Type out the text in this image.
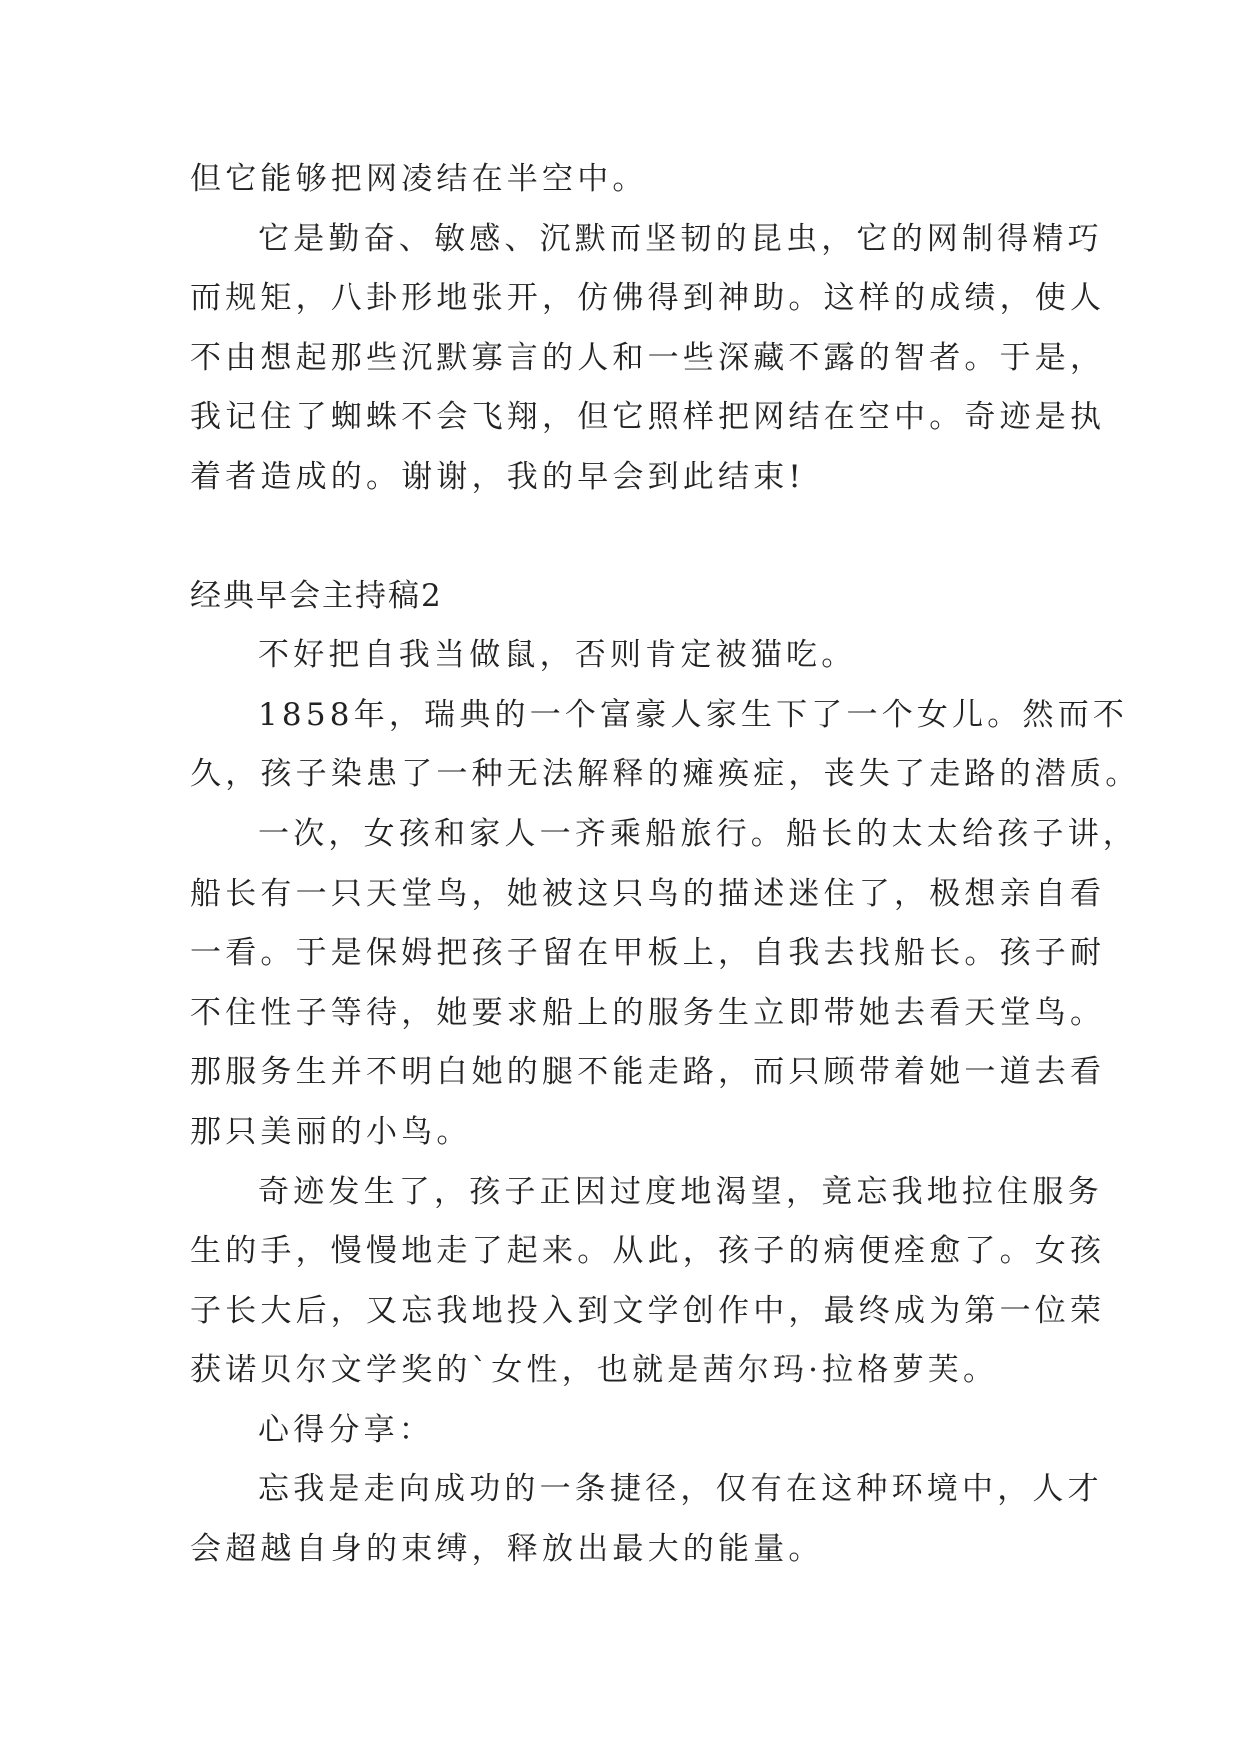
但它能够把网凌结在半空中。
它是勤奋、敏感、沉默而坚韧的昆虫，它的网制得精巧
而规矩，八卦形地张开，仿佛得到神助。这样的成绩，使人
不由想起那些沉默寡言的人和一些深藏不露的智者。于是，
我记住了蜘蛛不会飞翔，但它照样把网结在空中。奇迹是执
着者造成的。谢谢，我的早会到此结束!
经典早会主持稿2
不好把自我当做鼠，否则肯定被猫吃。
1858年，瑞典的一个富豪人家生下了一个女儿。然而不
久，孩子染患了一种无法解释的瘫痪症，丧失了走路的潜质。
一次，女孩和家人一齐乘船旅行。船长的太太给孩子讲，
船长有一只天堂鸟，她被这只鸟的描述迷住了，极想亲自看
一看。于是保姆把孩子留在甲板上，自我去找船长。孩子耐
不住性子等待，她要求船上的服务生立即带她去看天堂鸟。
那服务生并不明白她的腿不能走路，而只顾带着她一道去看
那只美丽的小鸟。
奇迹发生了，孩子正因过度地渴望，竟忘我地拉住服务
生的手，慢慢地走了起来。从此，孩子的病便痊愈了。女孩
子长大后，又忘我地投入到文学创作中，最终成为第一位荣
获诺贝尔文学奖的`女性，也就是茜尔玛·拉格萝芙。
心得分享：
忘我是走向成功的一条捷径，仅有在这种环境中，人才
会超越自身的束缚，释放出最大的能量。
